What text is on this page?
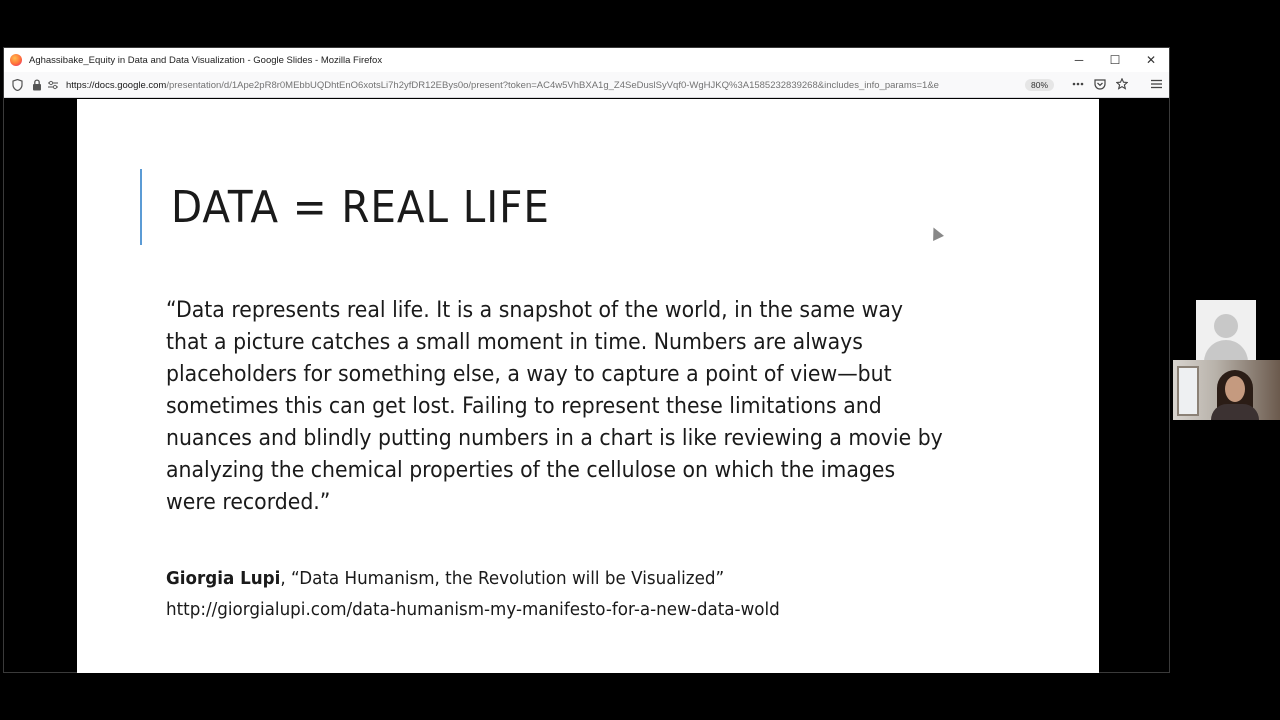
Aghassibake_Equity in Data and Data Visualization - Google Slides - Mozilla Firefox	─	☐	✕
https://docs.google.com/presentation/d/1Ape2pR8r0MEbbUQDhtEnO6xotsLi7h2yfDR12EBys0o/present?token=AC4w5VhBXA1g_Z4SeDuslSyVqf0-WgHJKQ%3A1585232839268&includes_info_params=1&e	80%
DATA = REAL LIFE

“Data represents real life. It is a snapshot of the world, in the same way that a picture catches a small moment in time. Numbers are always placeholders for something else, a way to capture a point of view—but sometimes this can get lost. Failing to represent these limitations and nuances and blindly putting numbers in a chart is like reviewing a movie by analyzing the chemical properties of the cellulose on which the images were recorded.”

Giorgia Lupi, “Data Humanism, the Revolution will be Visualized”
http://giorgialupi.com/data-humanism-my-manifesto-for-a-new-data-wold
